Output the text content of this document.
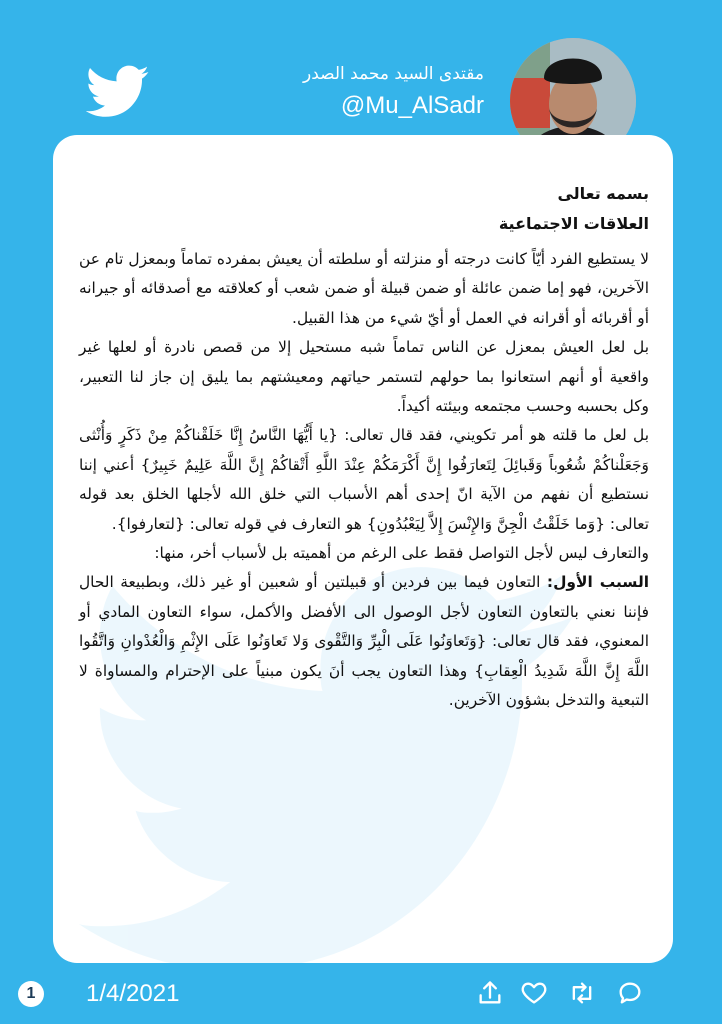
مقتدى السيد محمد الصدر
@Mu_AlSadr

بسمه تعالى

العلاقات الاجتماعية

لا يستطيع الفرد أيّاً كانت درجته أو منزلته أو سلطته أن يعيش بمفرده تماماً وبمعزل تام عن الآخرين، فهو إما ضمن عائلة أو ضمن قبيلة أو ضمن شعب أو كعلاقته مع أصدقائه أو جيرانه أو أقربائه أو أقرانه في العمل أو أيّ شيء من هذا القبيل.

بل لعل العيش بمعزل عن الناس تماماً شبه مستحيل إلا من قصص نادرة أو لعلها غير واقعية أو أنهم استعانوا بما حولهم لتستمر حياتهم ومعيشتهم بما يليق إن جاز لنا التعبير، وكل بحسبه وحسب مجتمعه وبيئته أكيداً.

بل لعل ما قلته هو أمر تكويني، فقد قال تعالى: {يا أَيُّهَا النَّاسُ إِنَّا خَلَقْناكُمْ مِنْ ذَكَرٍ وَأُنْثى وَجَعَلْناكُمْ شُعُوباً وَقَبائِلَ لِتَعارَفُوا إِنَّ أَكْرَمَكُمْ عِنْدَ اللَّهِ أَتْقاكُمْ إِنَّ اللَّهَ عَلِيمٌ خَبِيرٌ} أعني إننا نستطيع أن نفهم من الآية انّ إحدى أهم الأسباب التي خلق الله لأجلها الخلق بعد قوله تعالى: {وَما خَلَقْتُ الْجِنَّ وَالإِنْسَ إِلاَّ لِيَعْبُدُونِ} هو التعارف في قوله تعالى: {لتعارفوا}.

والتعارف ليس لأجل التواصل فقط على الرغم من أهميته بل لأسباب أخر، منها:

السبب الأول: التعاون فيما بين فردين أو قبيلتين أو شعبين أو غير ذلك، وبطبيعة الحال فإننا نعني بالتعاون التعاون لأجل الوصول الى الأفضل والأكمل، سواء التعاون المادي أو المعنوي، فقد قال تعالى: {وَتَعاوَنُوا عَلَى الْبِرِّ وَالتَّقْوى وَلا تَعاوَنُوا عَلَى الإِثْمِ وَالْعُدْوانِ وَاتَّقُوا اللَّهَ إِنَّ اللَّهَ شَدِيدُ الْعِقابِ} وهذا التعاون يجب أنَ يكون مبنياً على الإحترام والمساواة لا التبعية والتدخل بشؤون الآخرين.

1	1/4/2021
